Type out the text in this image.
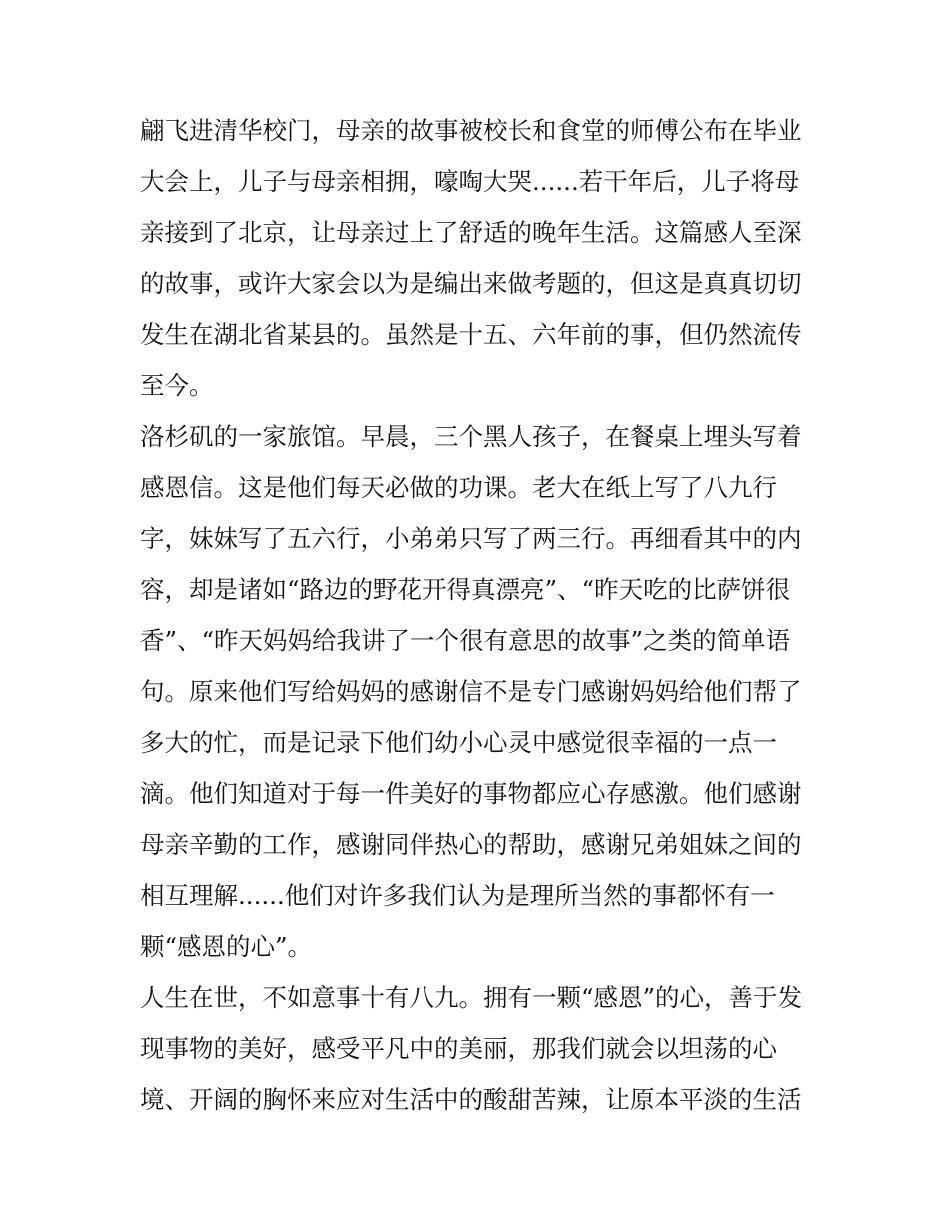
翩飞进清华校门，母亲的故事被校长和食堂的师傅公布在毕业
大会上，儿子与母亲相拥，嚎啕大哭......若干年后，儿子将母
亲接到了北京，让母亲过上了舒适的晚年生活。这篇感人至深
的故事，或许大家会以为是编出来做考题的，但这是真真切切
发生在湖北省某县的。虽然是十五、六年前的事，但仍然流传
至今。
洛杉矶的一家旅馆。早晨，三个黑人孩子，在餐桌上埋头写着
感恩信。这是他们每天必做的功课。老大在纸上写了八九行
字，妹妹写了五六行，小弟弟只写了两三行。再细看其中的内
容，却是诸如“路边的野花开得真漂亮”、“昨天吃的比萨饼很
香”、“昨天妈妈给我讲了一个很有意思的故事”之类的简单语
句。原来他们写给妈妈的感谢信不是专门感谢妈妈给他们帮了
多大的忙，而是记录下他们幼小心灵中感觉很幸福的一点一
滴。他们知道对于每一件美好的事物都应心存感激。他们感谢
母亲辛勤的工作，感谢同伴热心的帮助，感谢兄弟姐妹之间的
相互理解......他们对许多我们认为是理所当然的事都怀有一
颗“感恩的心”。
人生在世，不如意事十有八九。拥有一颗“感恩”的心，善于发
现事物的美好，感受平凡中的美丽，那我们就会以坦荡的心
境、开阔的胸怀来应对生活中的酸甜苦辣，让原本平淡的生活
